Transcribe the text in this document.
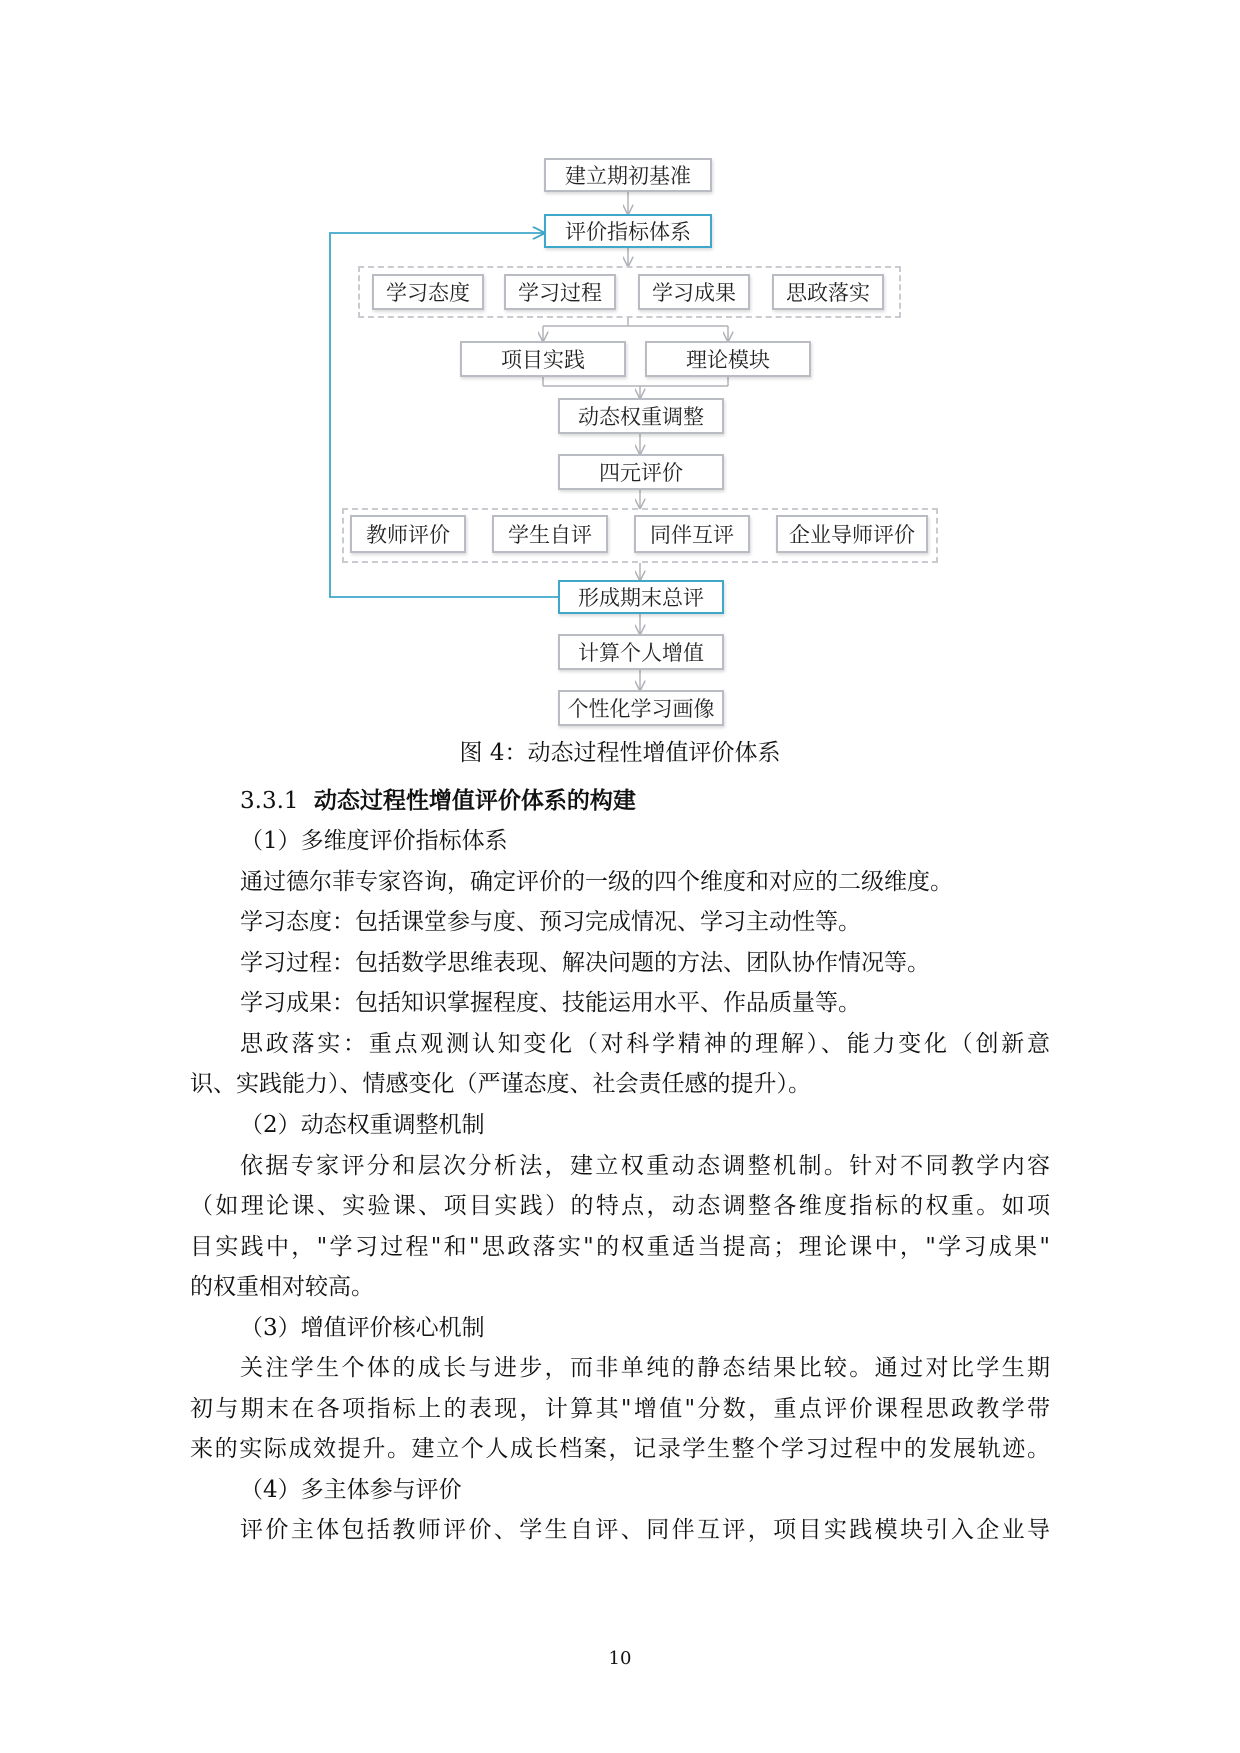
建立期初基准
评价指标体系
学习态度	学习过程	学习成果	思政落实
项目实践	理论模块
动态权重调整
四元评价
教师评价	学生自评	同伴互评	企业导师评价
形成期末总评
计算个人增值
个性化学习画像
图 4：动态过程性增值评价体系
3.3.1 动态过程性增值评价体系的构建
（1）多维度评价指标体系
通过德尔菲专家咨询，确定评价的一级的四个维度和对应的二级维度。
学习态度：包括课堂参与度、预习完成情况、学习主动性等。
学习过程：包括数学思维表现、解决问题的方法、团队协作情况等。
学习成果：包括知识掌握程度、技能运用水平、作品质量等。
思政落实：重点观测认知变化（对科学精神的理解）、能力变化（创新意
识、实践能力）、情感变化（严谨态度、社会责任感的提升）。
（2）动态权重调整机制
依据专家评分和层次分析法，建立权重动态调整机制。针对不同教学内容
（如理论课、实验课、项目实践）的特点，动态调整各维度指标的权重。如项
目实践中，"学习过程"和"思政落实"的权重适当提高；理论课中，"学习成果"
的权重相对较高。
（3）增值评价核心机制
关注学生个体的成长与进步，而非单纯的静态结果比较。通过对比学生期
初与期末在各项指标上的表现，计算其"增值"分数，重点评价课程思政教学带
来的实际成效提升。建立个人成长档案，记录学生整个学习过程中的发展轨迹。
（4）多主体参与评价
评价主体包括教师评价、学生自评、同伴互评，项目实践模块引入企业导
10
